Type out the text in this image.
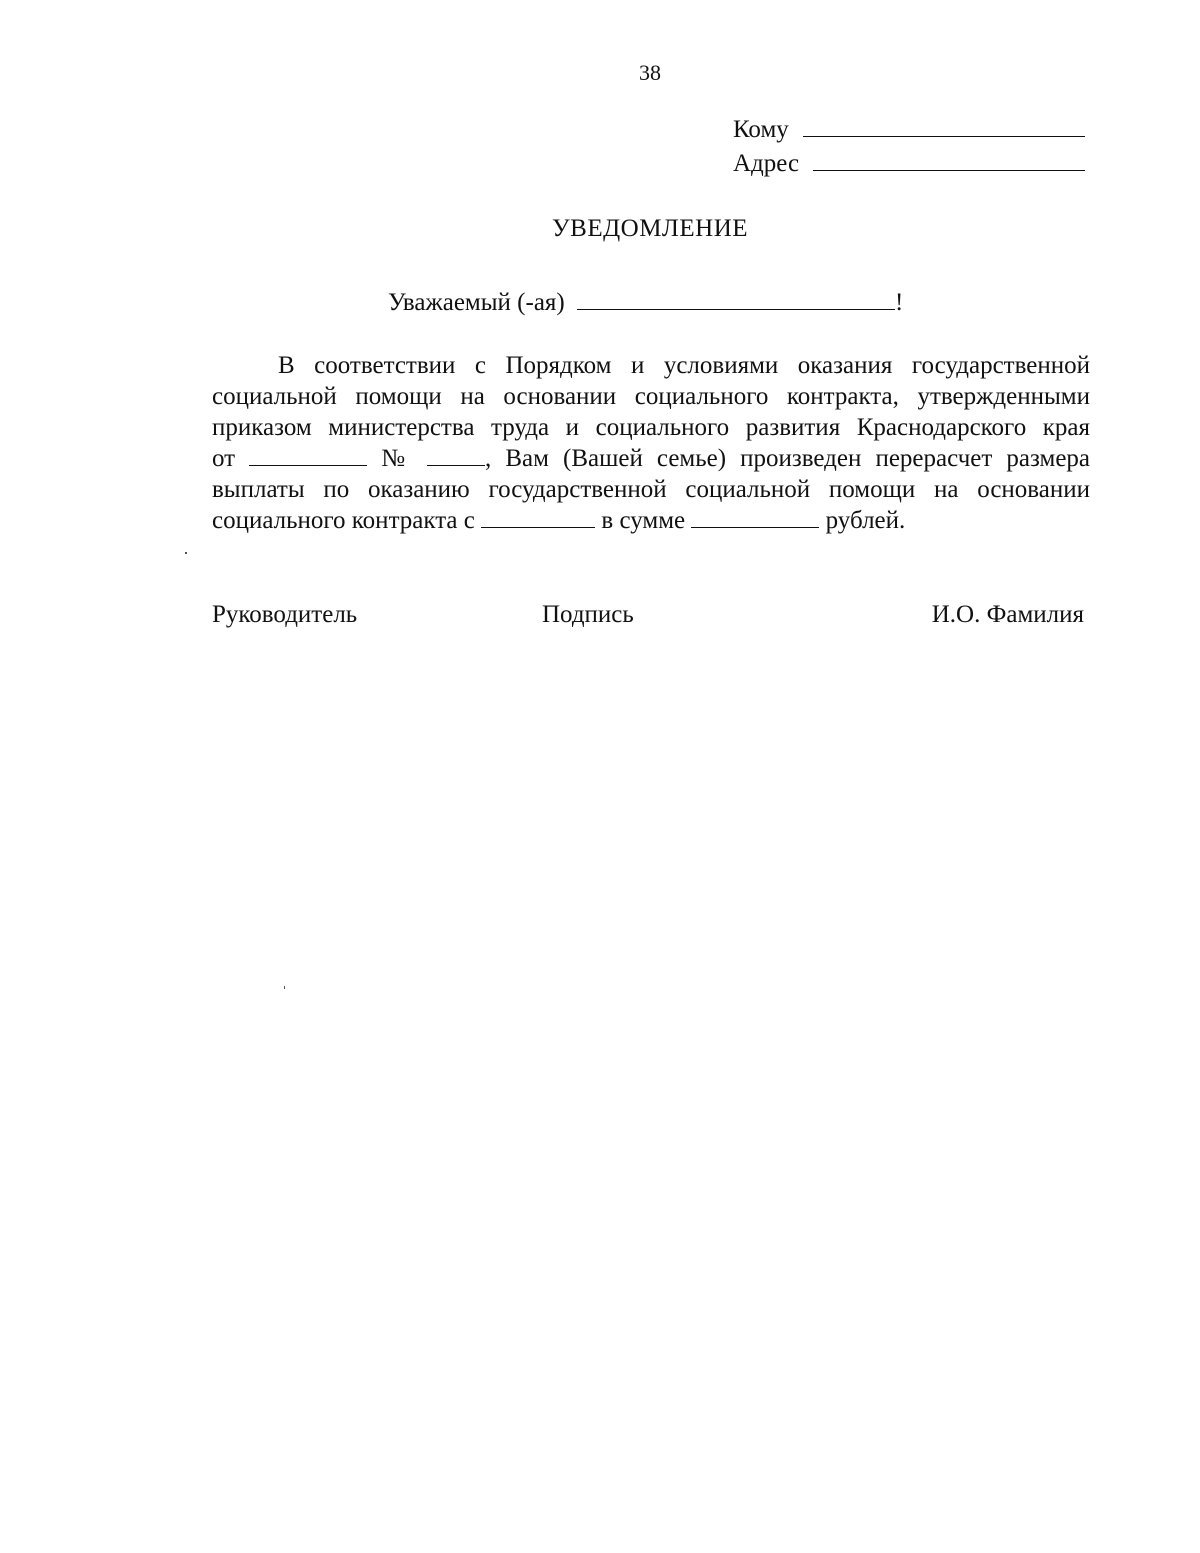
38
Кому
Адрес
УВЕДОМЛЕНИЕ
Уважаемый (-ая)	!
В соответствии с Порядком и условиями оказания государственной
социальной помощи на основании социального контракта, утвержденными
приказом министерства труда и социального развития Краснодарского края
от	№	, Вам (Вашей семье) произведен перерасчет размера
выплаты по оказанию государственной социальной помощи на основании
социального контракта с	в сумме	рублей.
Руководитель	Подпись	И.О. Фамилия
